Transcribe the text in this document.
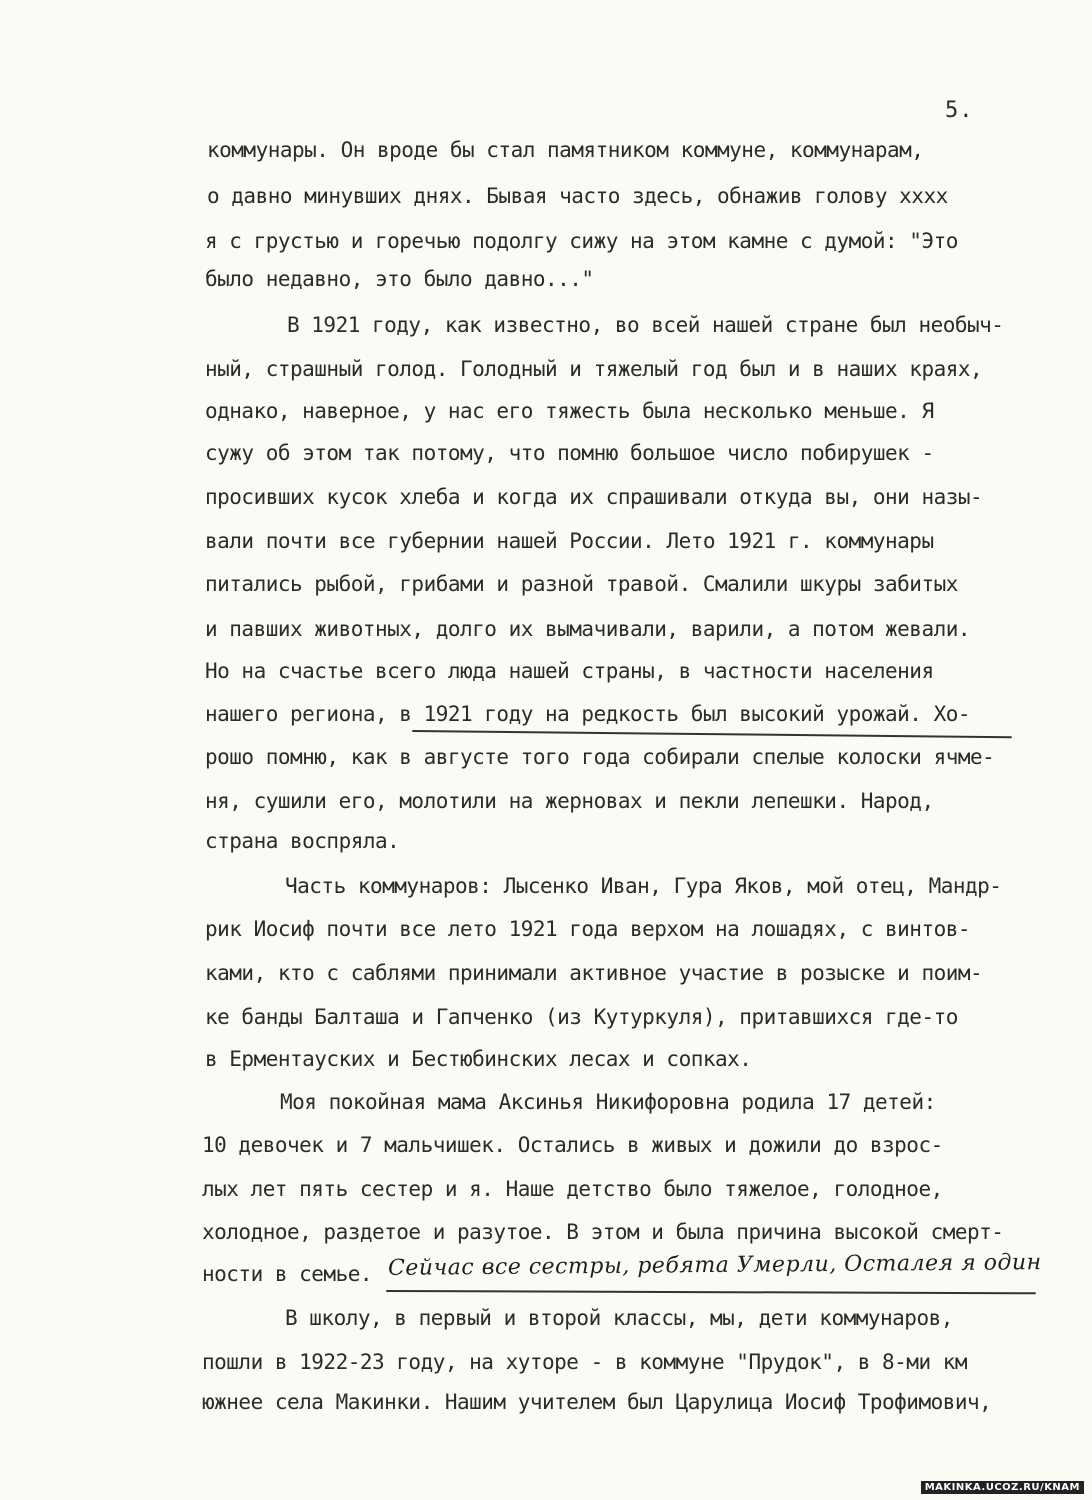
5.
коммунары. Он вроде бы стал памятником коммуне, коммунарам,
о давно минувших днях. Бывая часто здесь, обнажив голову хххх
я с грустью и горечью подолгу сижу на этом камне с думой: "Это
было недавно, это было давно..."
В 1921 году, как известно, во всей нашей стране был необыч-
ный, страшный голод. Голодный и тяжелый год был и в наших краях,
однако, наверное, у нас его тяжесть была несколько меньше. Я
сужу об этом так потому, что помню большое число побирушек -
просивших кусок хлеба и когда их спрашивали откуда вы, они назы-
вали почти все губернии нашей России. Лето 1921 г. коммунары
питались рыбой, грибами и разной травой. Смалили шкуры забитых
и павших животных, долго их вымачивали, варили, а потом жевали.
Но на счастье всего люда нашей страны, в частности населения
нашего региона, в 1921 году на редкость был высокий урожай. Хо-
рошо помню, как в августе того года собирали спелые колоски ячме-
ня, сушили его, молотили на жерновах и пекли лепешки. Народ,
страна воспряла.
Часть коммунаров: Лысенко Иван, Гура Яков, мой отец, Мандр-
рик Иосиф почти все лето 1921 года верхом на лошадях, с винтов-
ками, кто с саблями принимали активное участие в розыске и поим-
ке банды Балташа и Гапченко (из Кутуркуля), притавшихся где-то
в Ерментауских и Бестюбинских лесах и сопках.
Моя покойная мама Аксинья Никифоровна родила 17 детей:
10 девочек и 7 мальчишек. Остались в живых и дожили до взрос-
лых лет пять сестер и я. Наше детство было тяжелое, голодное,
холодное, раздетое и разутое. В этом и была причина высокой смерт-
ности в семье. Сейчас все сестры, ребята Умерли, Осталея я один
В школу, в первый и второй классы, мы, дети коммунаров,
пошли в 1922-23 году, на хуторе - в коммуне "Прудок", в 8-ми км
южнее села Макинки. Нашим учителем был Царулица Иосиф Трофимович,
MAKINKA.UCOZ.RU/KNAM
